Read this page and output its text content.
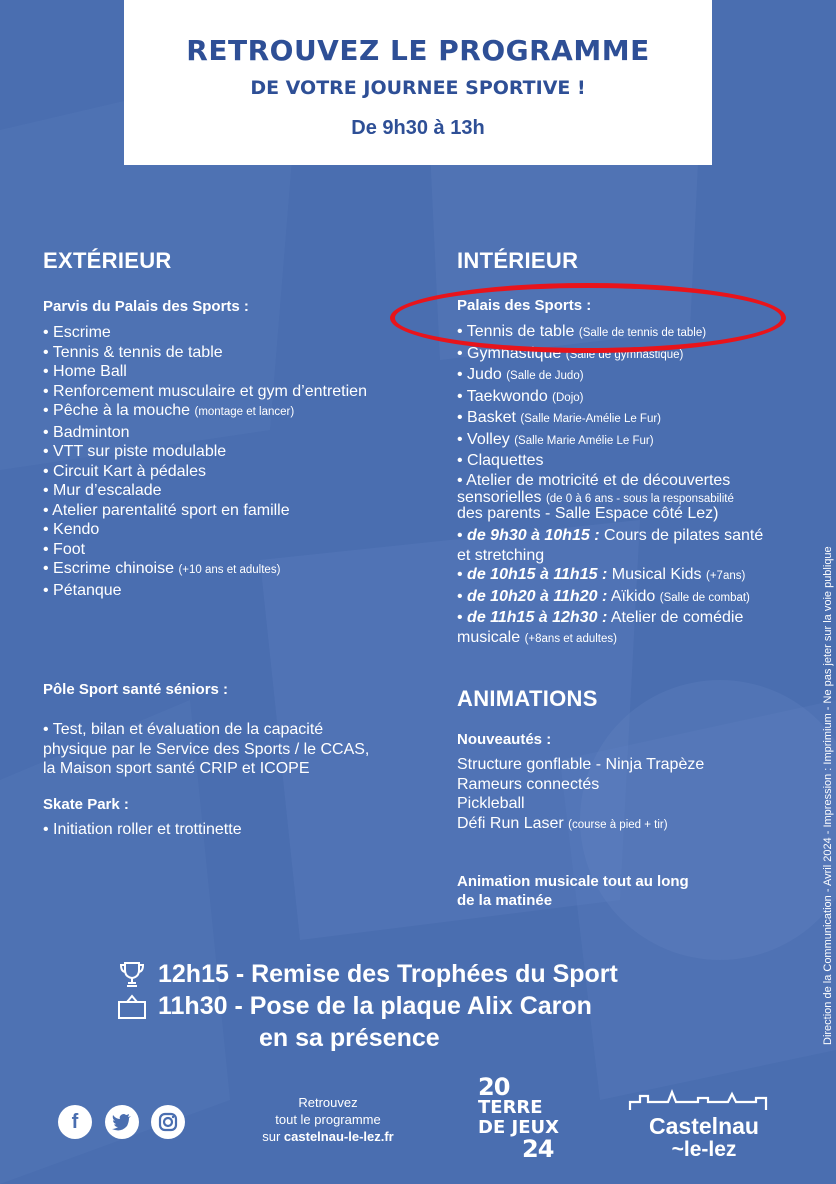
RETROUVEZ LE PROGRAMME
DE VOTRE JOURNEE SPORTIVE !
De 9h30 à 13h
EXTÉRIEUR
Parvis du Palais des Sports :
• Escrime
• Tennis & tennis de table
• Home Ball
• Renforcement musculaire et gym d’entretien
• Pêche à la mouche (montage et lancer)
• Badminton
• VTT sur piste modulable
• Circuit Kart à pédales
• Mur d’escalade
• Atelier parentalité sport en famille
• Kendo
• Foot
• Escrime chinoise (+10 ans et adultes)
• Pétanque
Pôle Sport santé séniors :
• Test, bilan et évaluation de la capacité
physique par le Service des Sports / le CCAS,
la Maison sport santé CRIP et ICOPE
Skate Park :
• Initiation roller et trottinette
INTÉRIEUR
Palais des Sports :
• Tennis de table (Salle de tennis de table)
• Gymnastique (Salle de gymnastique)
• Judo (Salle de Judo)
• Taekwondo (Dojo)
• Basket (Salle Marie-Amélie Le Fur)
• Volley (Salle Marie Amélie Le Fur)
• Claquettes
• Atelier de motricité et de découvertes
sensorielles (de 0 à 6 ans - sous la responsabilité
des parents - Salle Espace côté Lez)

• de 9h30 à 10h15 : Cours de pilates santé

et stretching

• de 10h15 à 11h15 : Musical Kids (+7ans)

• de 10h20 à 11h20 : Aïkido (Salle de combat)

• de 11h15 à 12h30 : Atelier de comédie

musicale (+8ans et adultes)

ANIMATIONS
Nouveautés :
Structure gonflable - Ninja Trapèze
Rameurs connectés
Pickleball
Défi Run Laser (course à pied + tir)
Animation musicale tout au long
de la matinée
12h15 - Remise des Trophées du Sport
11h30 - Pose de la plaque Alix Caron
en sa présence
f
Retrouvez
tout le programme
sur castelnau-le-lez.fr
20
TERRE
DE JEUX
24
Castelnau
~le-lez
Direction de la Communication - Avril 2024 - Impression : Imprimium - Ne pas jeter sur la voie publique
